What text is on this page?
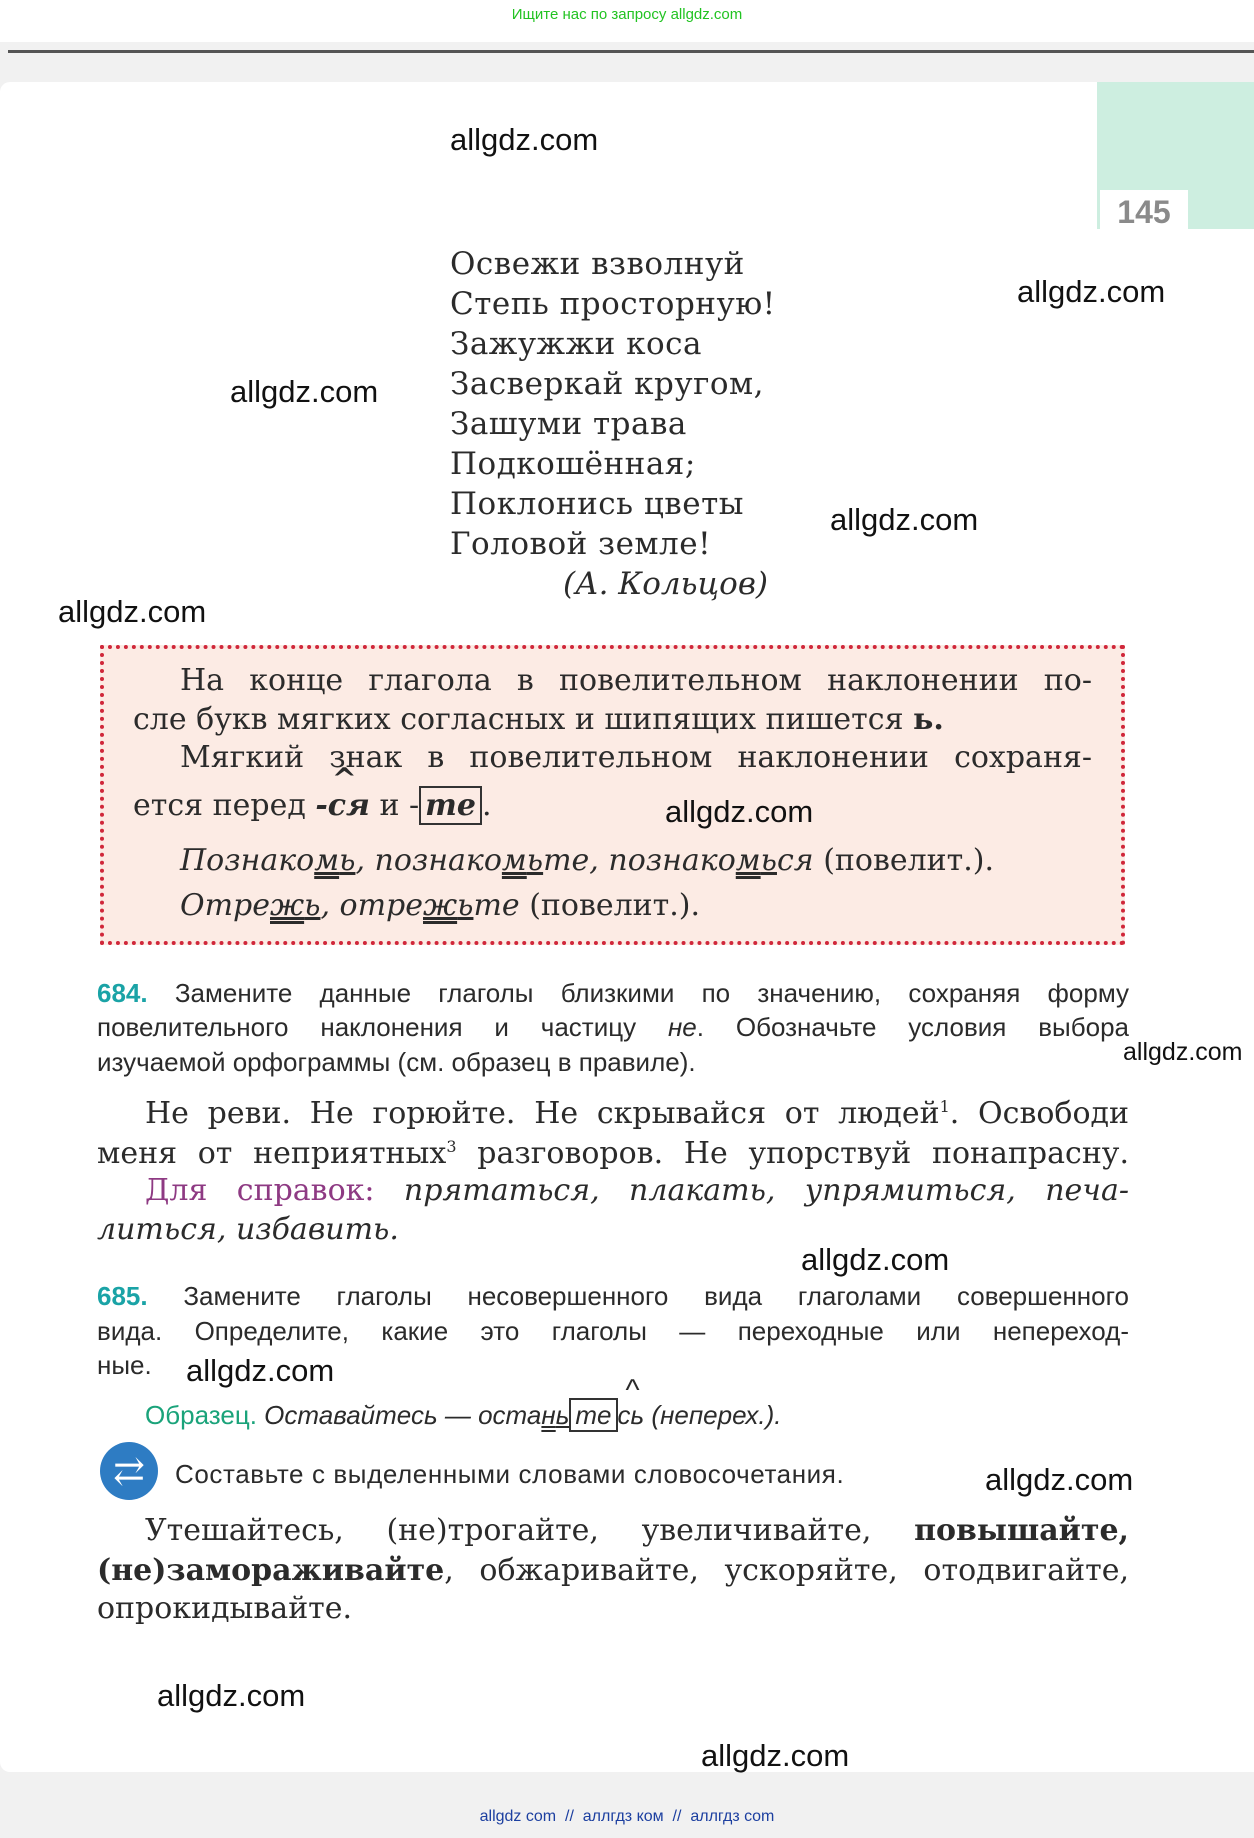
Ищите нас по запросу allgdz.com
145
Освежи взволнуй
Степь просторную!
Зажужжи коса
Засверкай кругом,
Зашуми трава
Подкошённая;
Поклонись цветы
Головой земле!
(А. Кольцов)
На конце глагола в повелительном наклонении по-
сле букв мягких согласных и шипящих пишется ь.
Мягкий знак в повелительном наклонении сохраня-
ется перед ^ -ся и - те .
Познакомь, познакомьте, познакомься (повелит.).
Отрежь, отрежьте (повелит.).
684. Замените данные глаголы близкими по значению, сохраняя форму
повелительного наклонения и частицу не. Обозначьте условия выбора
изучаемой орфограммы (см. образец в правиле).
Не реви. Не горюйте. Не скрывайся от людей$^1$. Освободи
меня от неприятных$^3$ разговоров. Не упорствуй понапрасну.
Для справок: прятаться, плакать, упрямиться, печа-
литься, избавить.
685. Замените глаголы несовершенного вида глаголами совершенного
вида. Определите, какие это глаголы — переходные или непереход-
ные.
Образец. Оставайтесь — остань те ^ сь (неперех.).
⇄	Составьте с выделенными словами словосочетания.
Утешайтесь, (не)трогайте, увеличивайте, повышайте,
(не)замораживайте, обжаривайте, ускоряйте, отодвигайте,
опрокидывайте.
allgdz.com
allgdz.com
allgdz.com
allgdz.com
allgdz.com
allgdz.com
allgdz.com
allgdz.com
allgdz.com
allgdz.com
allgdz.com
allgdz.com
allgdz com  //  аллгдз ком  //  аллгдз com
